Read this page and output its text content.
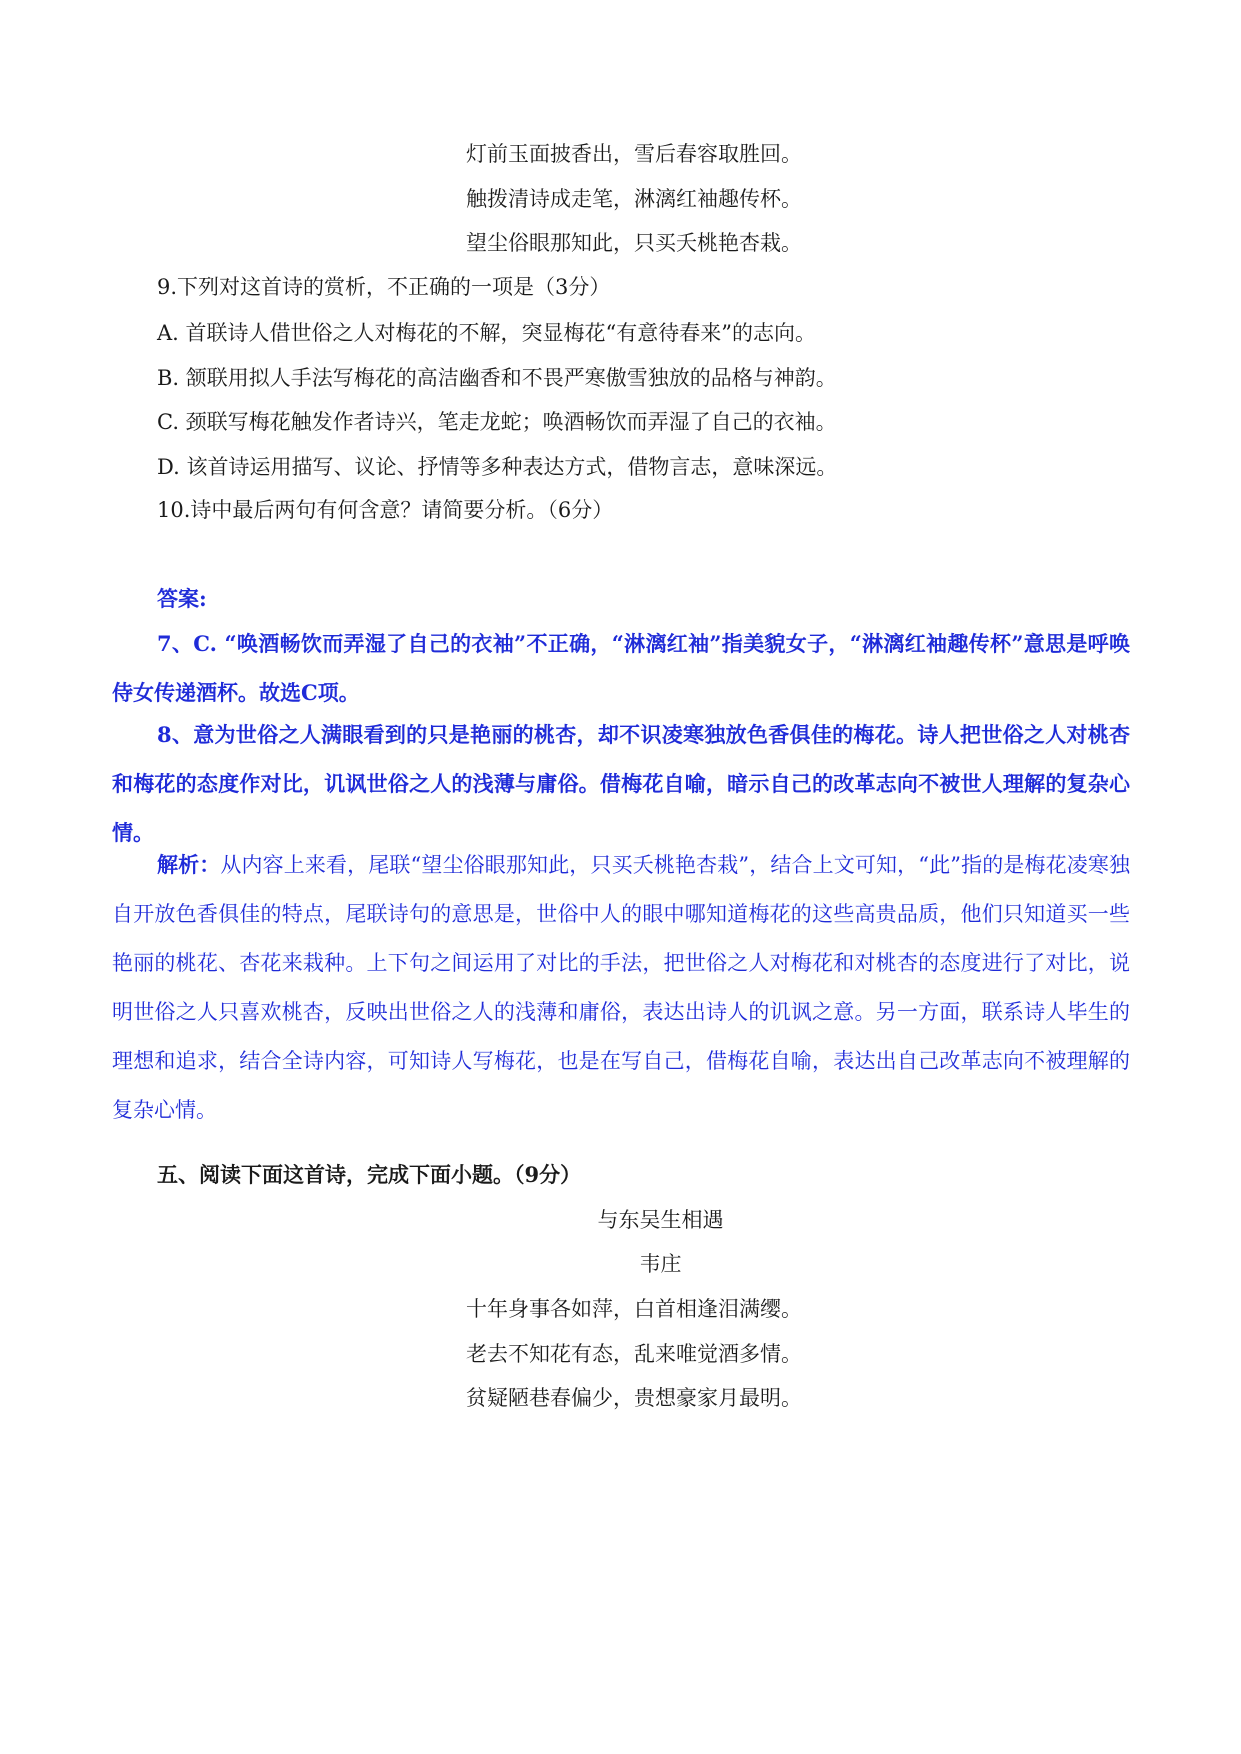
灯前玉面披香出，雪后春容取胜回。
触拨清诗成走笔，淋漓红袖趣传杯。
望尘俗眼那知此，只买夭桃艳杏栽。
9.下列对这首诗的赏析，不正确的一项是（3分）
A. 首联诗人借世俗之人对梅花的不解，突显梅花“有意待春来”的志向。
B. 颔联用拟人手法写梅花的高洁幽香和不畏严寒傲雪独放的品格与神韵。
C. 颈联写梅花触发作者诗兴，笔走龙蛇；唤酒畅饮而弄湿了自己的衣袖。
D. 该首诗运用描写、议论、抒情等多种表达方式，借物言志，意味深远。
10.诗中最后两句有何含意？请简要分析。（6分）
答案:
7、C. “唤酒畅饮而弄湿了自己的衣袖”不正确，“淋漓红袖”指美貌女子，“淋漓红袖趣传杯”意思是呼唤侍女传递酒杯。故选C项。
8、意为世俗之人满眼看到的只是艳丽的桃杏，却不识凌寒独放色香俱佳的梅花。诗人把世俗之人对桃杏和梅花的态度作对比，讥讽世俗之人的浅薄与庸俗。借梅花自喻，暗示自己的改革志向不被世人理解的复杂心情。
解析：从内容上来看，尾联“望尘俗眼那知此，只买夭桃艳杏栽”，结合上文可知，“此”指的是梅花凌寒独自开放色香俱佳的特点，尾联诗句的意思是，世俗中人的眼中哪知道梅花的这些高贵品质，他们只知道买一些艳丽的桃花、杏花来栽种。上下句之间运用了对比的手法，把世俗之人对梅花和对桃杏的态度进行了对比，说明世俗之人只喜欢桃杏，反映出世俗之人的浅薄和庸俗，表达出诗人的讥讽之意。另一方面，联系诗人毕生的理想和追求，结合全诗内容，可知诗人写梅花，也是在写自己，借梅花自喻，表达出自己改革志向不被理解的复杂心情。
五、阅读下面这首诗，完成下面小题。（9分）
与东吴生相遇
韦庄
十年身事各如萍，白首相逢泪满缨。
老去不知花有态，乱来唯觉酒多情。
贫疑陋巷春偏少，贵想豪家月最明。
